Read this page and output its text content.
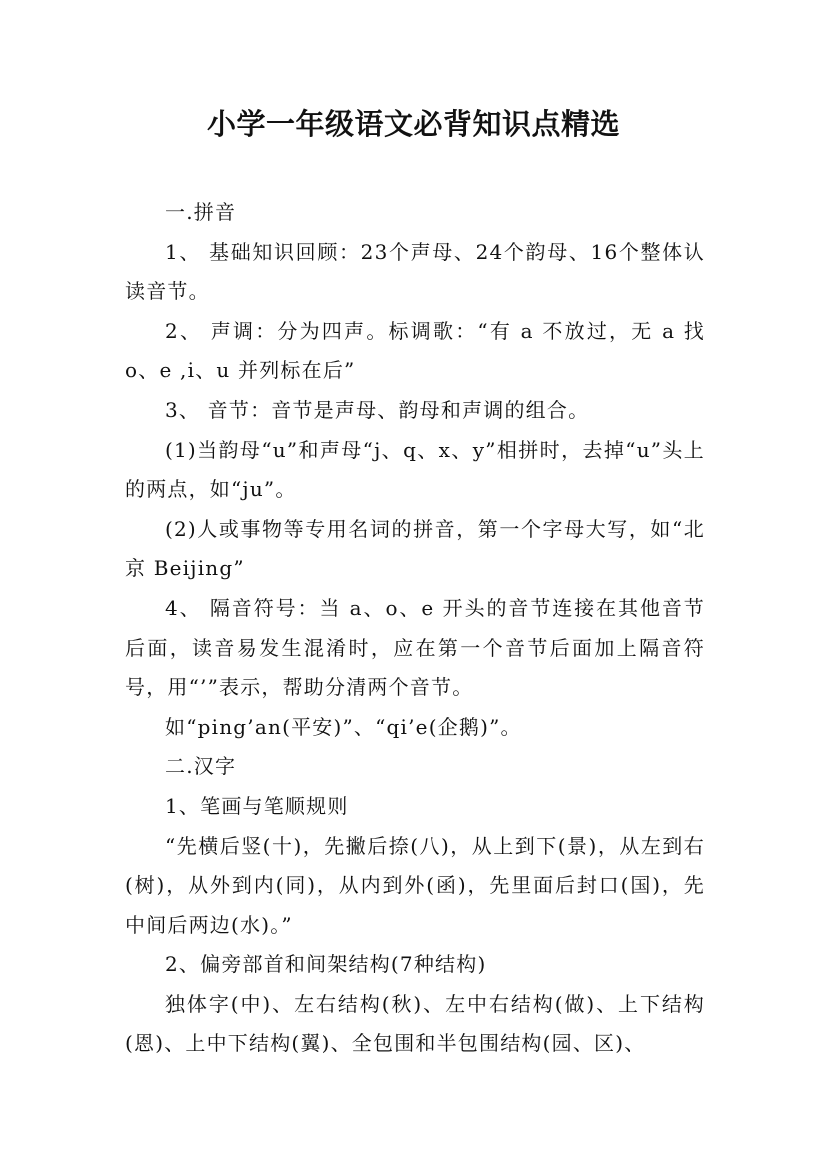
小学一年级语文必背知识点精选

一.拼音

1、 基础知识回顾：23个声母、24个韵母、16个整体认读音节。

2、 声调：分为四声。标调歌：“有 a 不放过，无 a 找 o、e ,i、u 并列标在后”

3、 音节：音节是声母、韵母和声调的组合。

(1)当韵母“u”和声母“j、q、x、y”相拼时，去掉“u”头上的两点，如“ju”。

(2)人或事物等专用名词的拼音，第一个字母大写，如“北京 Beijing”

4、 隔音符号：当 a、o、e 开头的音节连接在其他音节后面，读音易发生混淆时，应在第一个音节后面加上隔音符号，用“’”表示，帮助分清两个音节。

如“ping’an(平安)”、“qi’e(企鹅)”。

二.汉字

1、笔画与笔顺规则

“先横后竖(十)，先撇后捺(八)，从上到下(景)，从左到右(树)，从外到内(同)，从内到外(函)，先里面后封口(国)，先中间后两边(水)。”

2、偏旁部首和间架结构(7种结构)

独体字(中)、左右结构(秋)、左中右结构(做)、上下结构(恩)、上中下结构(翼)、全包围和半包围结构(园、区)、
